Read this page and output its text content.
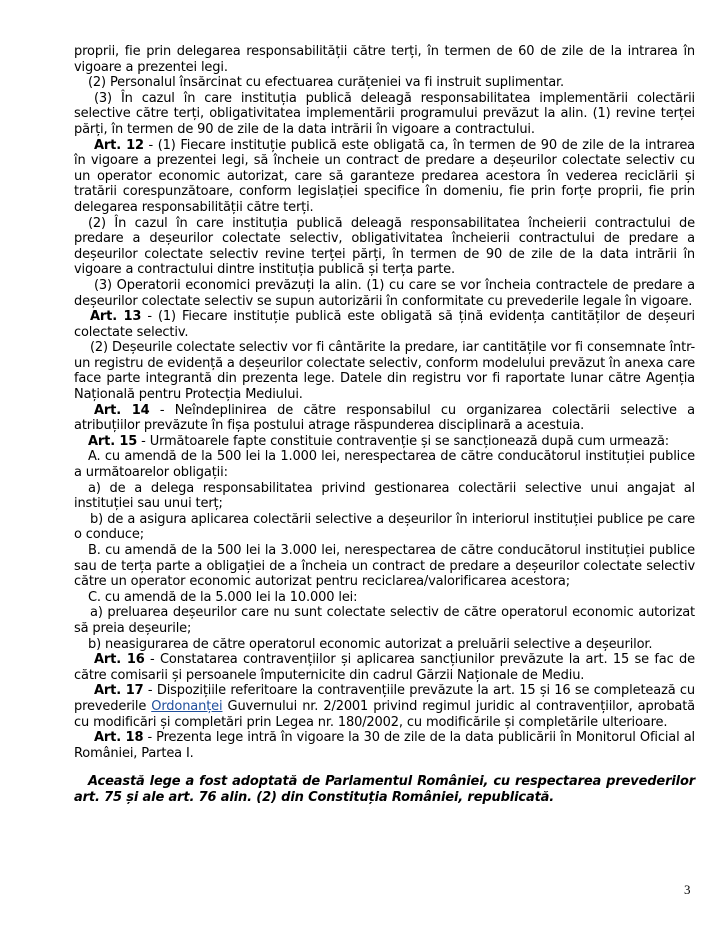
proprii, fie prin delegarea responsabilității către terți, în termen de 60 de zile de la intrarea în vigoare a prezentei legi.

(2) Personalul însărcinat cu efectuarea curățeniei va fi instruit suplimentar.

(3) În cazul în care instituția publică deleagă responsabilitatea implementării colectării selective către terți, obligativitatea implementării programului prevăzut la alin. (1) revine terței părți, în termen de 90 de zile de la data intrării în vigoare a contractului.

Art. 12 - (1) Fiecare instituție publică este obligată ca, în termen de 90 de zile de la intrarea în vigoare a prezentei legi, să încheie un contract de predare a deșeurilor colectate selectiv cu un operator economic autorizat, care să garanteze predarea acestora în vederea reciclării și tratării corespunzătoare, conform legislației specifice în domeniu, fie prin forțe proprii, fie prin delegarea responsabilității către terți.

(2) În cazul în care instituția publică deleagă responsabilitatea încheierii contractului de predare a deșeurilor colectate selectiv, obligativitatea încheierii contractului de predare a deșeurilor colectate selectiv revine terței părți, în termen de 90 de zile de la data intrării în vigoare a contractului dintre instituția publică și terța parte.

(3) Operatorii economici prevăzuți la alin. (1) cu care se vor încheia contractele de predare a deșeurilor colectate selectiv se supun autorizării în conformitate cu prevederile legale în vigoare.

Art. 13 - (1) Fiecare instituție publică este obligată să țină evidența cantităților de deșeuri colectate selectiv.

(2) Deșeurile colectate selectiv vor fi cântărite la predare, iar cantitățile vor fi consemnate într-un registru de evidență a deșeurilor colectate selectiv, conform modelului prevăzut în anexa care face parte integrantă din prezenta lege. Datele din registru vor fi raportate lunar către Agenția Națională pentru Protecția Mediului.

Art. 14 - Neîndeplinirea de către responsabilul cu organizarea colectării selective a atribuțiilor prevăzute în fișa postului atrage răspunderea disciplinară a acestuia.

Art. 15 - Următoarele fapte constituie contravenție și se sancționează după cum urmează:

A. cu amendă de la 500 lei la 1.000 lei, nerespectarea de către conducătorul instituției publice a următoarelor obligații:

a) de a delega responsabilitatea privind gestionarea colectării selective unui angajat al instituției sau unui terț;

b) de a asigura aplicarea colectării selective a deșeurilor în interiorul instituției publice pe care o conduce;

B. cu amendă de la 500 lei la 3.000 lei, nerespectarea de către conducătorul instituției publice sau de terța parte a obligației de a încheia un contract de predare a deșeurilor colectate selectiv către un operator economic autorizat pentru reciclarea/valorificarea acestora;

C. cu amendă de la 5.000 lei la 10.000 lei:

a) preluarea deșeurilor care nu sunt colectate selectiv de către operatorul economic autorizat să preia deșeurile;

b) neasigurarea de către operatorul economic autorizat a preluării selective a deșeurilor.

Art. 16 - Constatarea contravențiilor și aplicarea sancțiunilor prevăzute la art. 15 se fac de către comisarii și persoanele împuternicite din cadrul Gărzii Naționale de Mediu.

Art. 17 - Dispozițiile referitoare la contravențiile prevăzute la art. 15 și 16 se completează cu prevederile Ordonanței Guvernului nr. 2/2001 privind regimul juridic al contravențiilor, aprobată cu modificări și completări prin Legea nr. 180/2002, cu modificările și completările ulterioare.

Art. 18 - Prezenta lege intră în vigoare la 30 de zile de la data publicării în Monitorul Oficial al României, Partea I.

Această lege a fost adoptată de Parlamentul României, cu respectarea prevederilor art. 75 și ale art. 76 alin. (2) din Constituția României, republicată.

3
